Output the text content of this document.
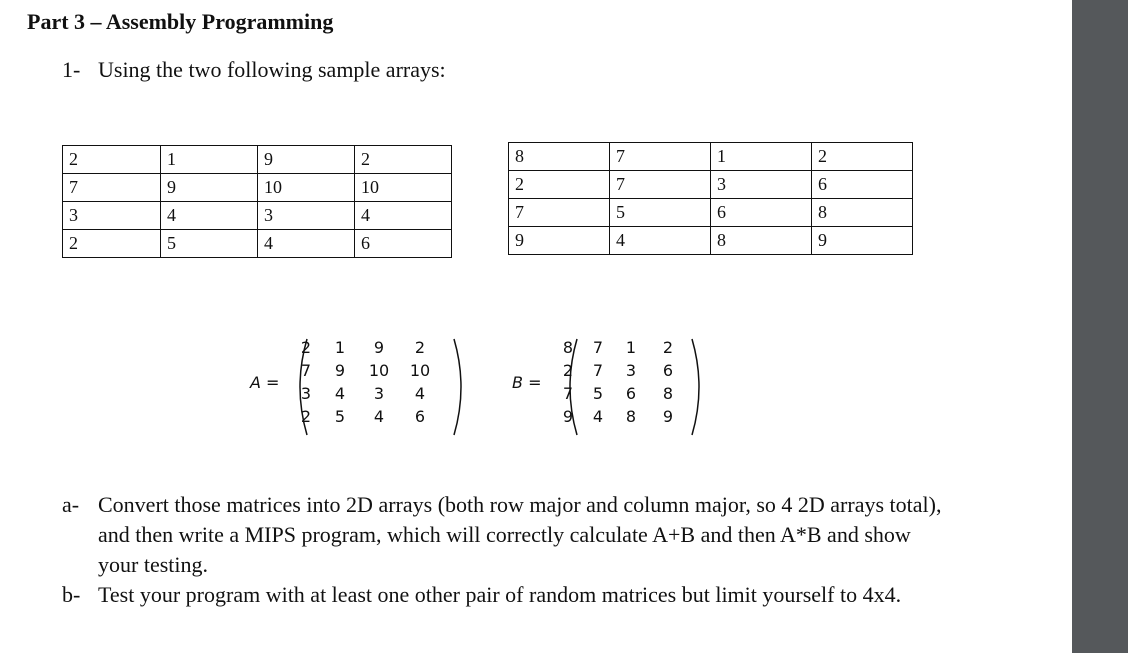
Part 3 – Assembly Programming
1- Using the two following sample arrays:
2	1	9	2
7	9	10	10
3	4	3	4
2	5	4	6
8	7	1	2
2	7	3	6
7	5	6	8
9	4	8	9
A =
2	1	9	2
7	9	10	10
3	4	3	4
2	5	4	6
B =
8	7	1	2
2	7	3	6
7	5	6	8
9	4	8	9
a- Convert those matrices into 2D arrays (both row major and column major, so 4 2D arrays total), and then write a MIPS program, which will correctly calculate A+B and then A*B and show your testing.
b- Test your program with at least one other pair of random matrices but limit yourself to 4x4.
